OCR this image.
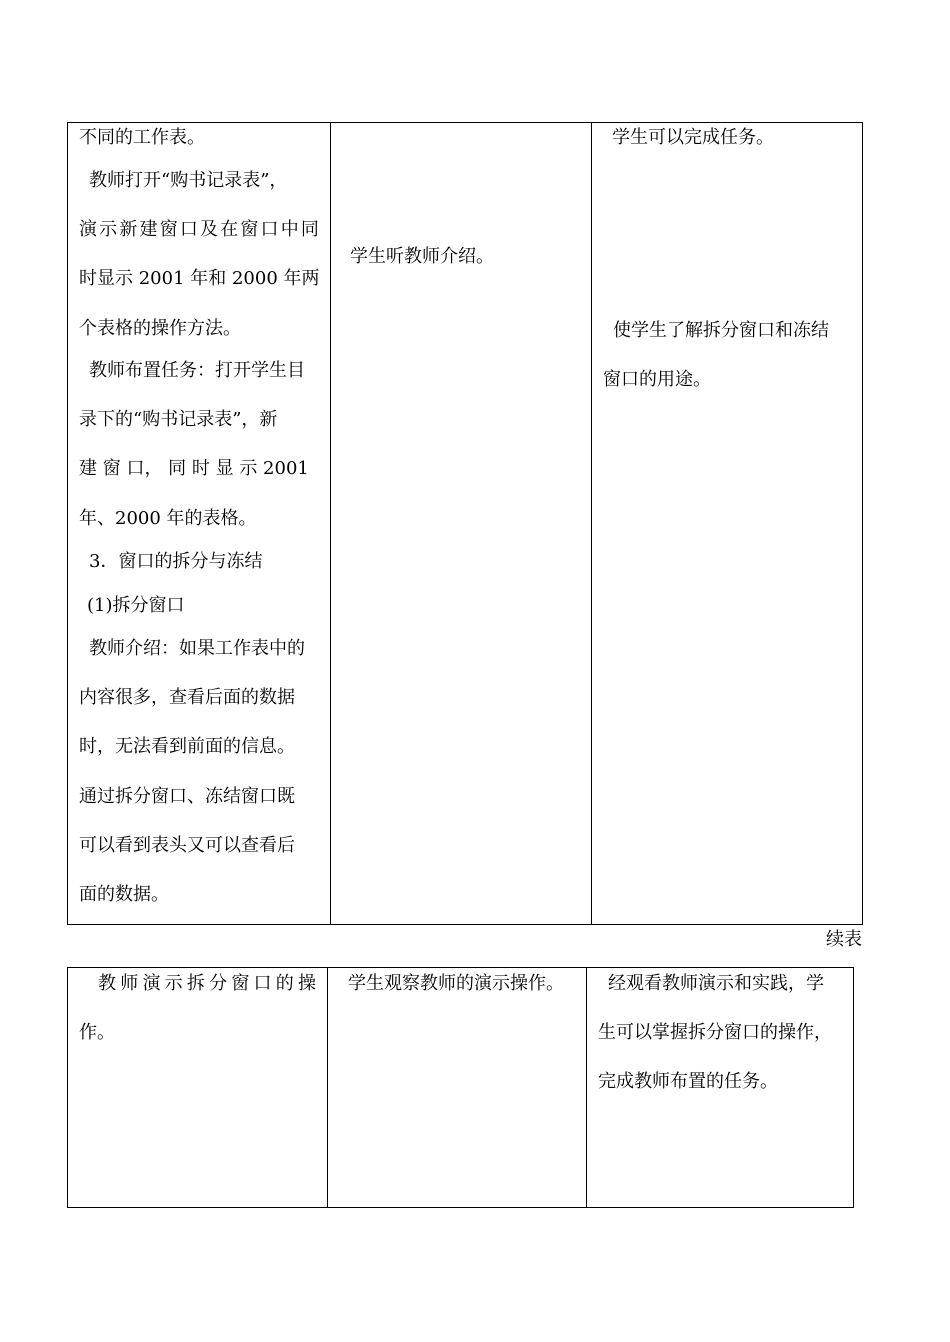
不同的工作表。
教师打开“购书记录表”，
演 示 新 建 窗 口 及 在 窗 口 中 同
时显示 2001 年和 2000 年两
个表格的操作方法。
教师布置任务：打开学生目
录下的“购书记录表”，新
建 窗 口， 同 时 显 示 2001
年、2000 年的表格。
3．窗口的拆分与冻结
(1)拆分窗口
教师介绍：如果工作表中的
内容很多，查看后面的数据
时，无法看到前面的信息。
通过拆分窗口、冻结窗口既
可以看到表头又可以查看后
面的数据。
学生听教师介绍。
学生可以完成任务。
使学生了解拆分窗口和冻结
窗口的用途。
续表
教 师 演 示 拆 分 窗 口 的 操
作。
学生观察教师的演示操作。 经观看教师演示和实践，学
生可以掌握拆分窗口的操作，
完成教师布置的任务。
